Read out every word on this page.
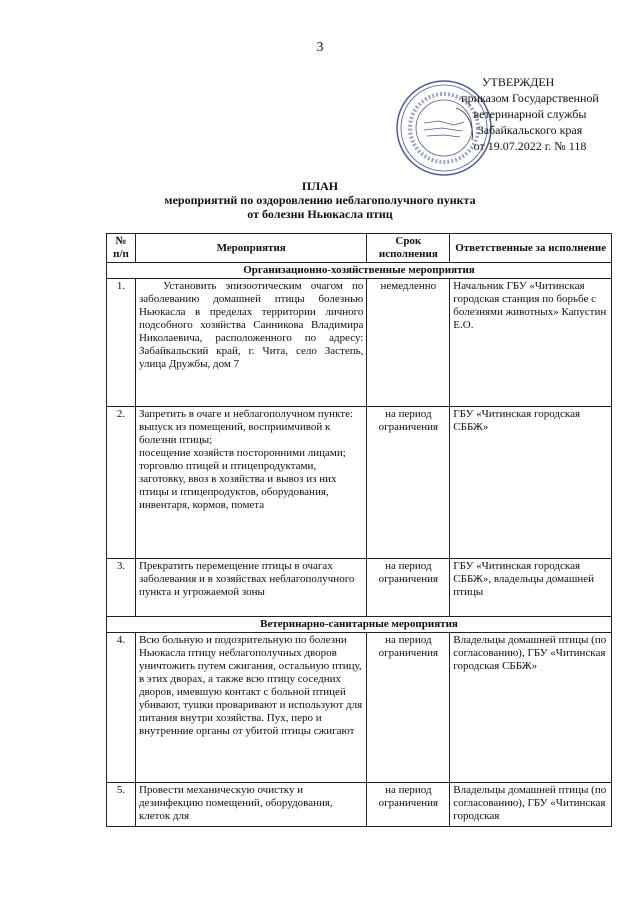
3
УТВЕРЖДЕН
приказом Государственной
ветеринарной службы
Забайкальского края
от 19.07.2022 г. № 118
ПЛАН
мероприятий по оздоровлению неблагополучного пункта
от болезни Ньюкасла птиц
№ п/п	Мероприятия	Срок исполнения	Ответственные за исполнение
Организационно-хозяйственные мероприятия			
1.	Установить эпизоотическим очагом по заболеванию домашней птицы болезнью Ньюкасла в пределах территории личного подсобного хозяйства Санникова Владимира Николаевича, расположенного по адресу: Забайкальский край, г. Чита, село Застепь, улица Дружбы, дом 7	немедленно	Начальник ГБУ «Читинская городская станция по борьбе с болезнями животных» Капустин Е.О.
2.	Запретить в очаге и неблагополучном пункте:
выпуск из помещений, восприимчивой к болезни птицы;
посещение хозяйств посторонними лицами;
торговлю птицей и птицепродуктами, заготовку, ввоз в хозяйства и вывоз из них птицы и птицепродуктов, оборудования, инвентаря, кормов, помета	на период ограничения	ГБУ «Читинская городская СББЖ»
3.	Прекратить перемещение птицы в очагах заболевания и в хозяйствах неблагополучного пункта и угрожаемой зоны	на период ограничения	ГБУ «Читинская городская СББЖ», владельцы домашней птицы
Ветеринарно-санитарные мероприятия			
4.	Всю больную и подозрительную по болезни Ньюкасла птицу неблагополучных дворов уничтожить путем сжигания, остальную птицу, в этих дворах, а также всю птицу соседних дворов, имевшую контакт с больной птицей убивают, тушки проваривают и используют для питания внутри хозяйства. Пух, перо и внутренние органы от убитой птицы сжигают	на период ограничения	Владельцы домашней птицы (по согласованию), ГБУ «Читинская городская СББЖ»
5.	Провести механическую очистку и дезинфекцию помещений, оборудования, клеток для	на период ограничения	Владельцы домашней птицы (по согласованию), ГБУ «Читинская городская
